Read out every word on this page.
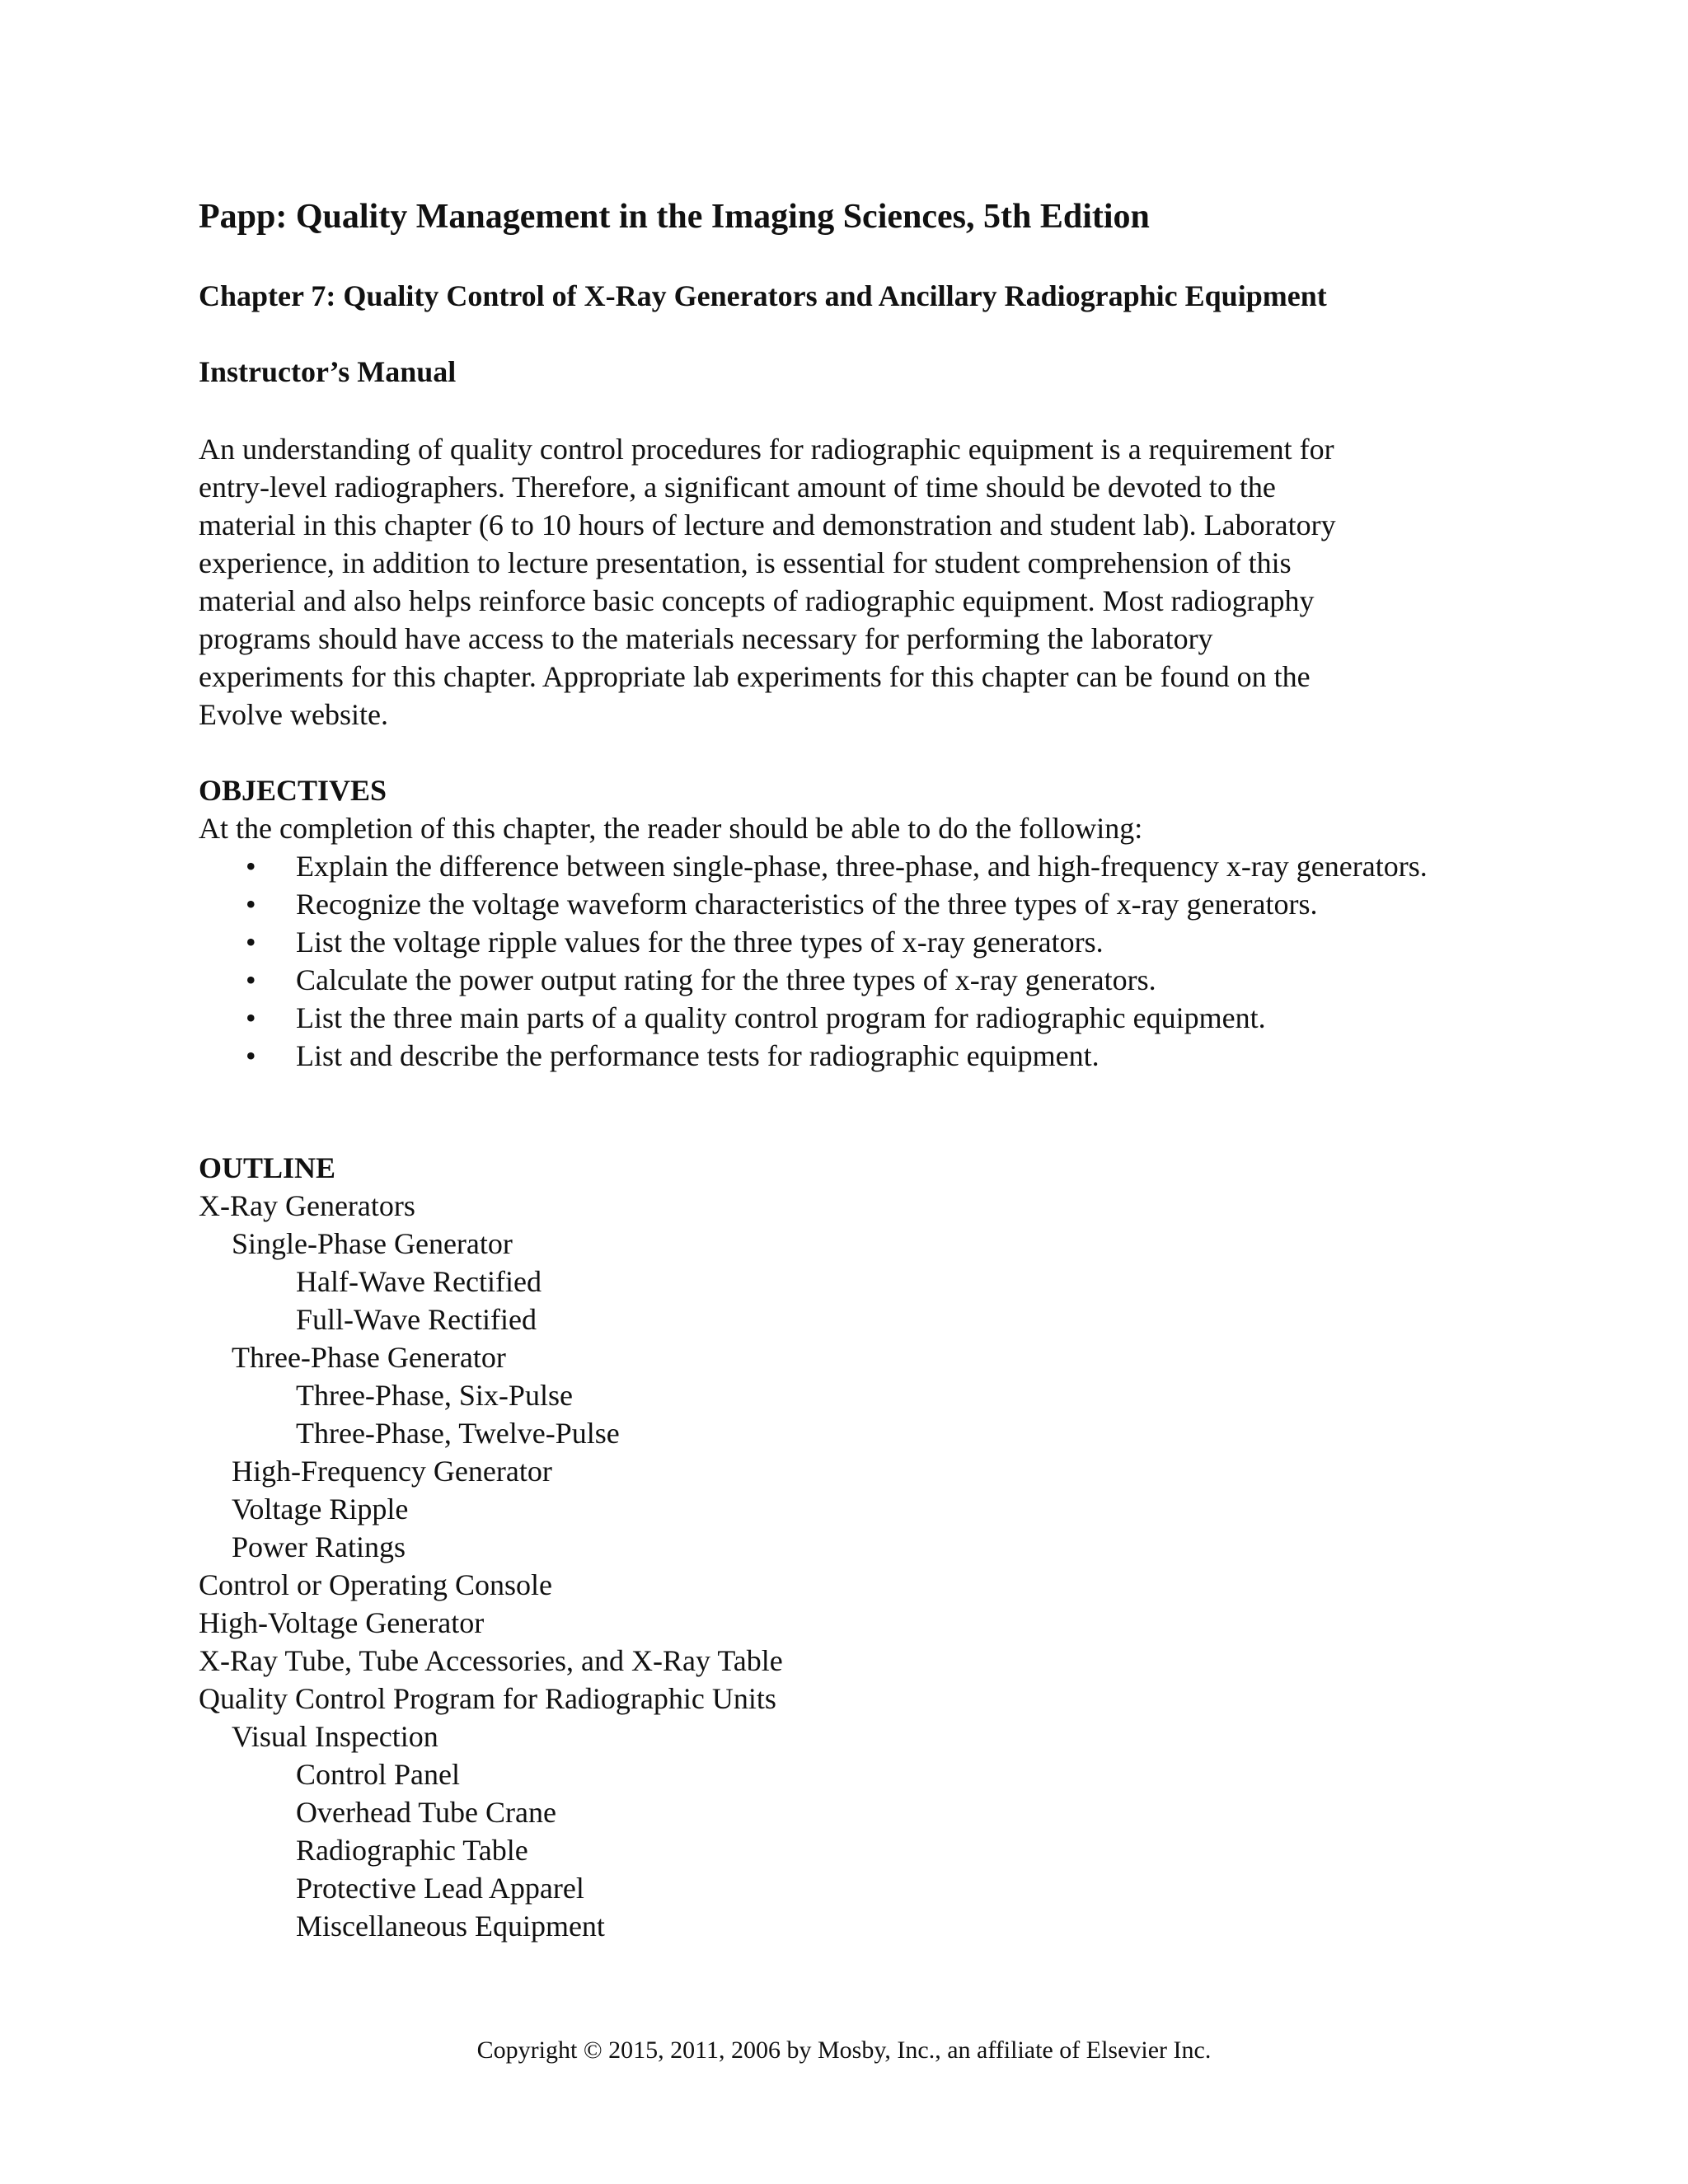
Papp: Quality Management in the Imaging Sciences, 5th Edition
Chapter 7: Quality Control of X-Ray Generators and Ancillary Radiographic Equipment
Instructor’s Manual

An understanding of quality control procedures for radiographic equipment is a requirement for
entry-level radiographers. Therefore, a significant amount of time should be devoted to the
material in this chapter (6 to 10 hours of lecture and demonstration and student lab). Laboratory
experience, in addition to lecture presentation, is essential for student comprehension of this
material and also helps reinforce basic concepts of radiographic equipment. Most radiography
programs should have access to the materials necessary for performing the laboratory
experiments for this chapter. Appropriate lab experiments for this chapter can be found on the
Evolve website.

OBJECTIVES
At the completion of this chapter, the reader should be able to do the following:
• Explain the difference between single-phase, three-phase, and high-frequency x-ray generators.
• Recognize the voltage waveform characteristics of the three types of x-ray generators.
• List the voltage ripple values for the three types of x-ray generators.
• Calculate the power output rating for the three types of x-ray generators.
• List the three main parts of a quality control program for radiographic equipment.
• List and describe the performance tests for radiographic equipment.
OUTLINE
X-Ray Generators
Single-Phase Generator
Half-Wave Rectified
Full-Wave Rectified
Three-Phase Generator
Three-Phase, Six-Pulse
Three-Phase, Twelve-Pulse
High-Frequency Generator
Voltage Ripple
Power Ratings
Control or Operating Console
High-Voltage Generator
X-Ray Tube, Tube Accessories, and X-Ray Table
Quality Control Program for Radiographic Units
Visual Inspection
Control Panel
Overhead Tube Crane
Radiographic Table
Protective Lead Apparel
Miscellaneous Equipment
Copyright © 2015, 2011, 2006 by Mosby, Inc., an affiliate of Elsevier Inc.
